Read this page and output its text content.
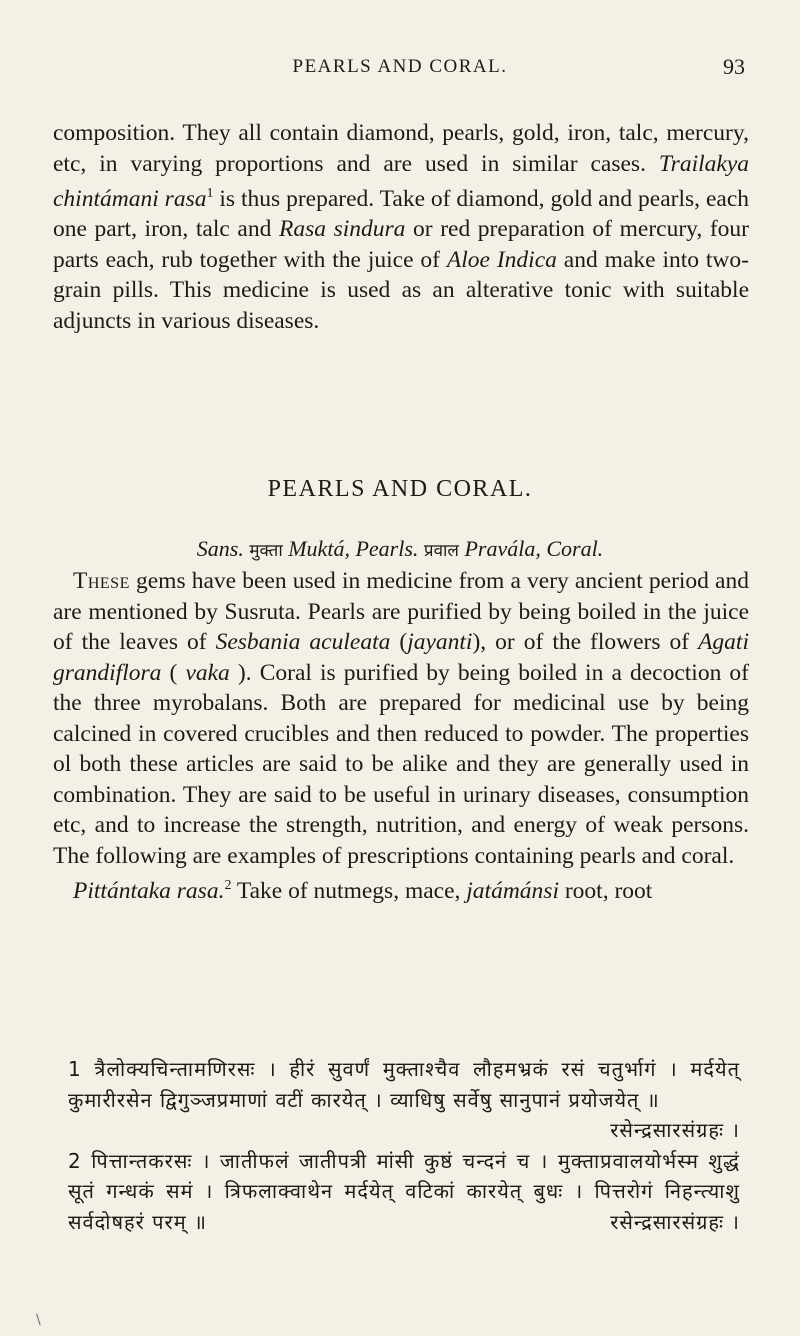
PEARLS AND CORAL.	93

composition. They all contain diamond, pearls, gold, iron, talc, mercury, etc, in varying proportions and are used in similar cases. Trailakya chintámani rasa$^1$ is thus prepared. Take of diamond, gold and pearls, each one part, iron, talc and Rasa sindura or red preparation of mercury, four parts each, rub together with the juice of Aloe Indica and make into two-grain pills. This medicine is used as an alterative tonic with suitable adjuncts in various diseases.

PEARLS AND CORAL.
Sans. मुक्ता Muktá, Pearls. प्रवाल Pravála, Coral.

These gems have been used in medicine from a very ancient period and are mentioned by Susruta. Pearls are purified by being boiled in the juice of the leaves of Sesbania aculeata (jayanti), or of the flowers of Agati grandiflora ( vaka ). Coral is purified by being boiled in a decoction of the three myrobalans. Both are prepared for medicinal use by being calcined in covered crucibles and then reduced to powder. The properties ol both these articles are said to be alike and they are generally used in combination. They are said to be useful in urinary diseases, consumption etc, and to increase the strength, nutrition, and energy of weak persons. The following are examples of prescriptions containing pearls and coral.

Pittántaka rasa.$^2$ Take of nutmegs, mace, jatámánsi root, root

1 त्रैलोक्यचिन्तामणिरसः । हीरं सुवर्णं मुक्ताश्चैव लौहमभ्रकं रसं चतुर्भागं । मर्दयेत् कुमारीरसेन द्विगुञ्जप्रमाणां वटीं कारयेत् । व्याधिषु सर्वेषु सानुपानं प्रयोजयेत् ॥
रसेन्द्रसारसंग्रहः ।

2 पित्तान्तकरसः । जातीफलं जातीपत्री मांसी कुष्ठं चन्दनं च । मुक्ताप्रवालयोर्भस्म शुद्धं सूतं गन्धकं समं । त्रिफलाक्वाथेन मर्दयेत् वटिकां कारयेत् बुधः । पित्तरोगं निहन्त्याशु सर्वदोषहरं परम् ॥	रसेन्द्रसारसंग्रहः ।

\
